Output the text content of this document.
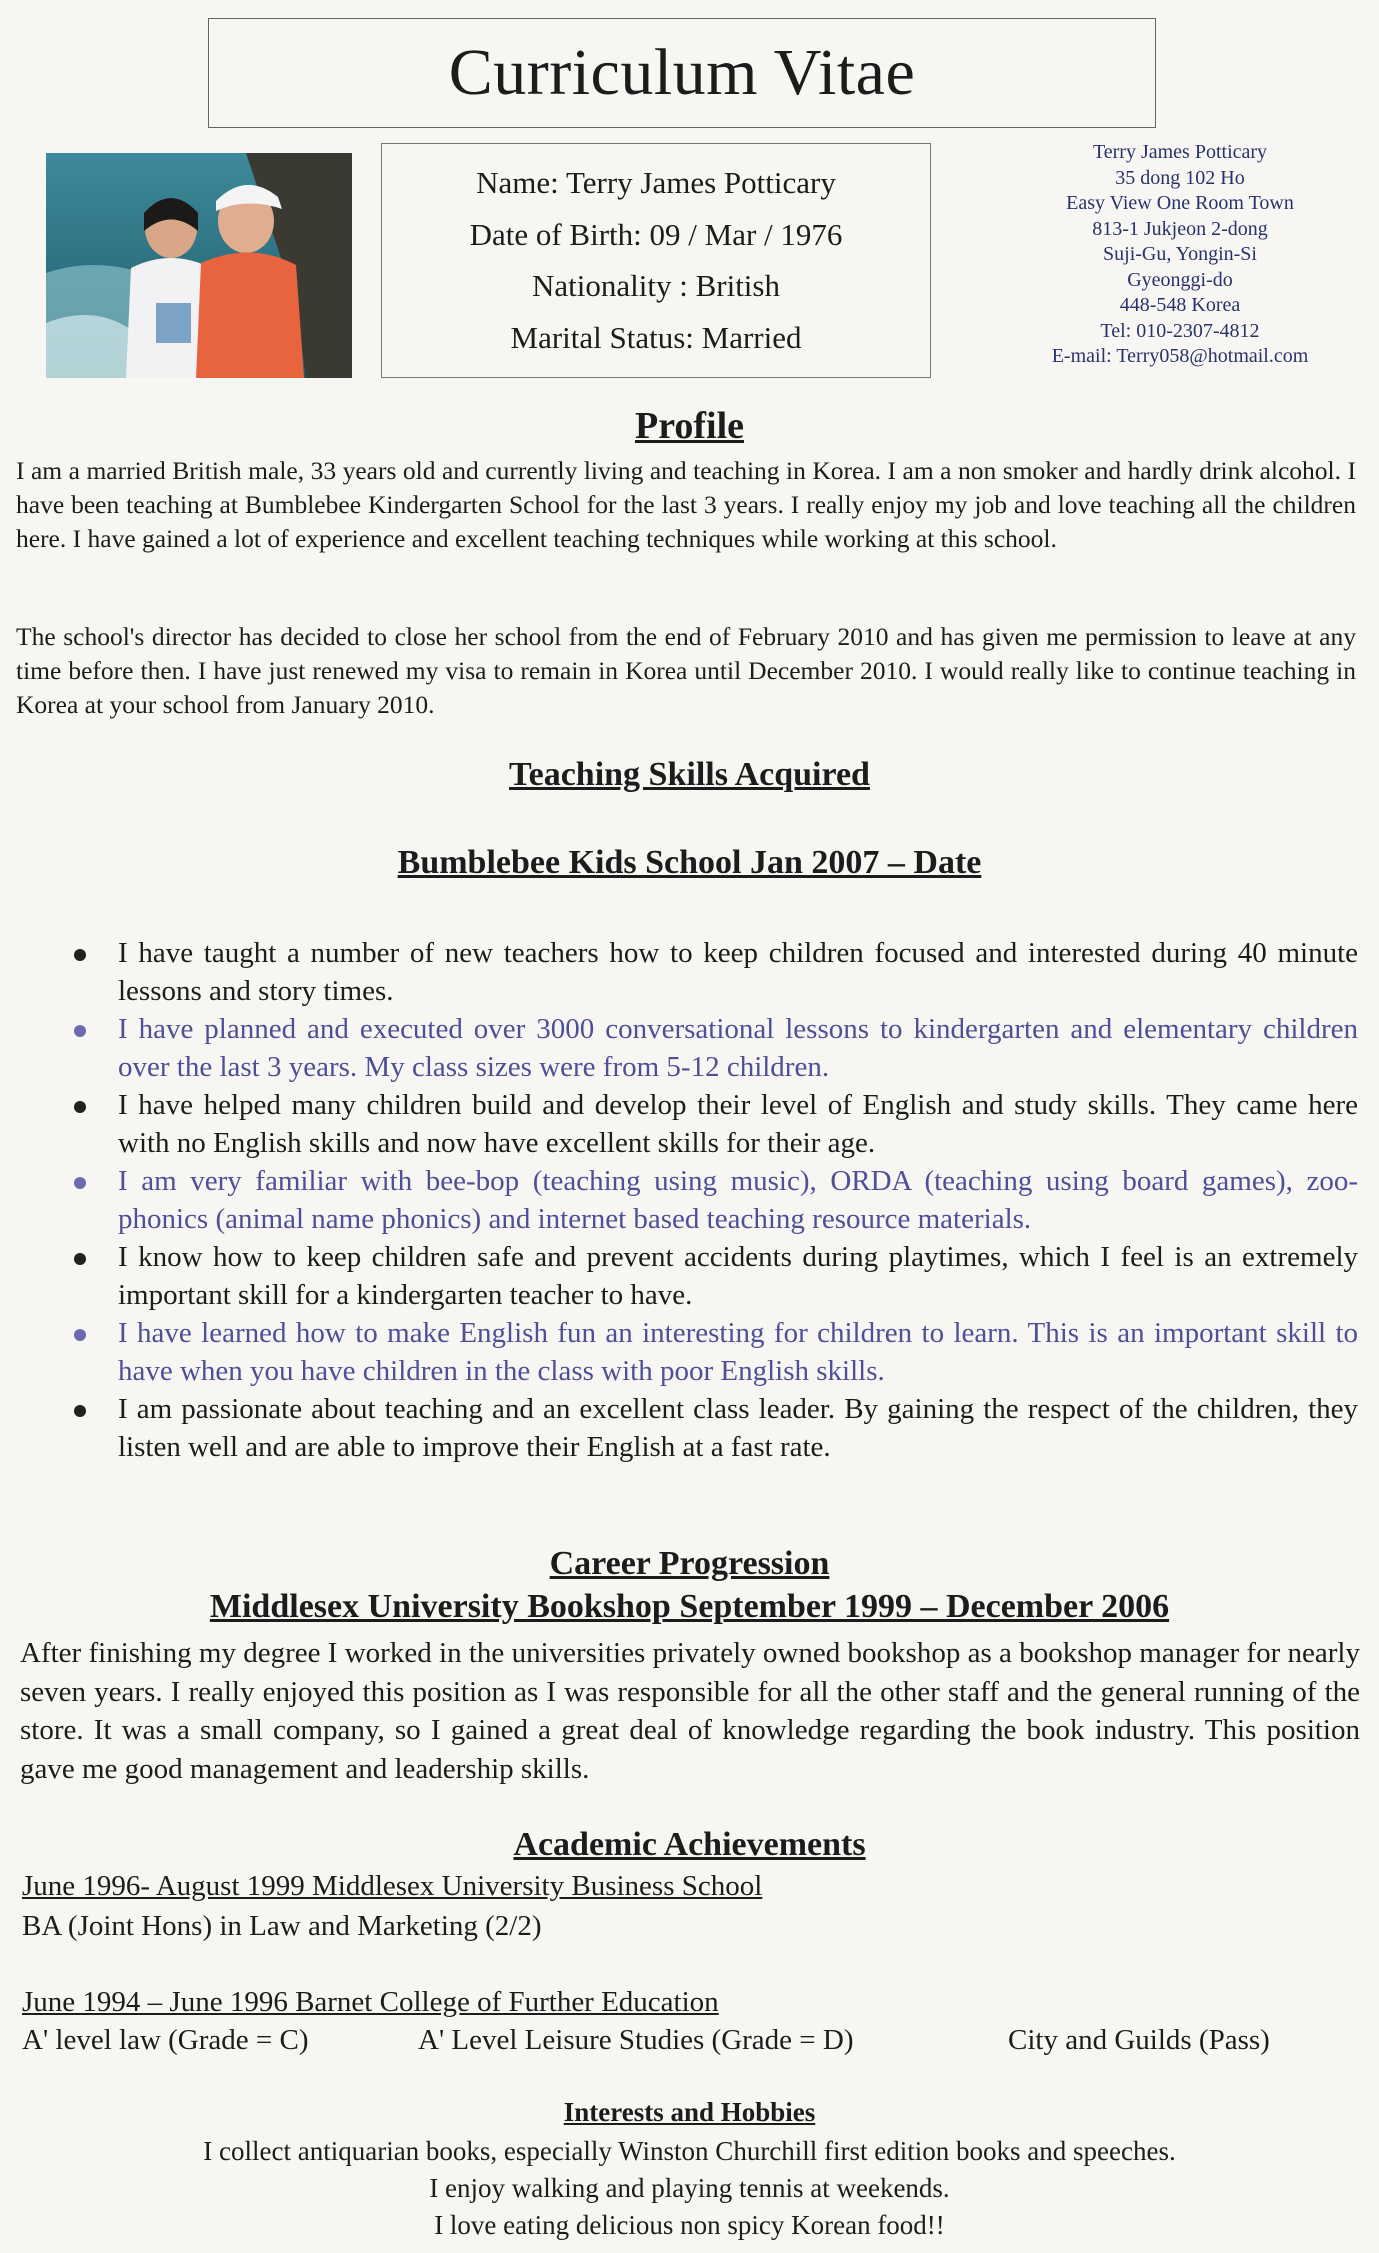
Curriculum Vitae
Name: Terry James Potticary
Date of Birth: 09 / Mar / 1976
Nationality : British
Marital Status: Married
Terry James Potticary
35 dong 102 Ho
Easy View One Room Town
813-1 Jukjeon 2-dong
Suji-Gu, Yongin-Si
Gyeonggi-do
448-548 Korea
Tel: 010-2307-4812
E-mail: Terry058@hotmail.com
Profile
I am a married British male, 33 years old and currently living and teaching in Korea. I am a non smoker and hardly drink alcohol. I have been teaching at Bumblebee Kindergarten School for the last 3 years. I really enjoy my job and love teaching all the children here. I have gained a lot of experience and excellent teaching techniques while working at this school.
The school's director has decided to close her school from the end of February 2010 and has given me permission to leave at any time before then. I have just renewed my visa to remain in Korea until December 2010. I would really like to continue teaching in Korea at your school from January 2010.
Teaching Skills Acquired
Bumblebee Kids School Jan 2007 – Date
I have taught a number of new teachers how to keep children focused and interested during 40 minute lessons and story times.
I have planned and executed over 3000 conversational lessons to kindergarten and elementary children over the last 3 years. My class sizes were from 5-12 children.
I have helped many children build and develop their level of English and study skills. They came here with no English skills and now have excellent skills for their age.
I am very familiar with bee-bop (teaching using music), ORDA (teaching using board games), zoo-phonics (animal name phonics) and internet based teaching resource materials.
I know how to keep children safe and prevent accidents during playtimes, which I feel is an extremely important skill for a kindergarten teacher to have.
I have learned how to make English fun an interesting for children to learn. This is an important skill to have when you have children in the class with poor English skills.
I am passionate about teaching and an excellent class leader. By gaining the respect of the children, they listen well and are able to improve their English at a fast rate.
Career Progression
Middlesex University Bookshop September 1999 – December 2006
After finishing my degree I worked in the universities privately owned bookshop as a bookshop manager for nearly seven years. I really enjoyed this position as I was responsible for all the other staff and the general running of the store. It was a small company, so I gained a great deal of knowledge regarding the book industry. This position gave me good management and leadership skills.
Academic Achievements
June 1996- August 1999 Middlesex University Business School
BA (Joint Hons) in Law and Marketing (2/2)
June 1994 – June 1996 Barnet College of Further Education
A' level law (Grade = C)	A' Level Leisure Studies (Grade = D)	City and Guilds (Pass)
Interests and Hobbies
I collect antiquarian books, especially Winston Churchill first edition books and speeches.
I enjoy walking and playing tennis at weekends.
I love eating delicious non spicy Korean food!!
